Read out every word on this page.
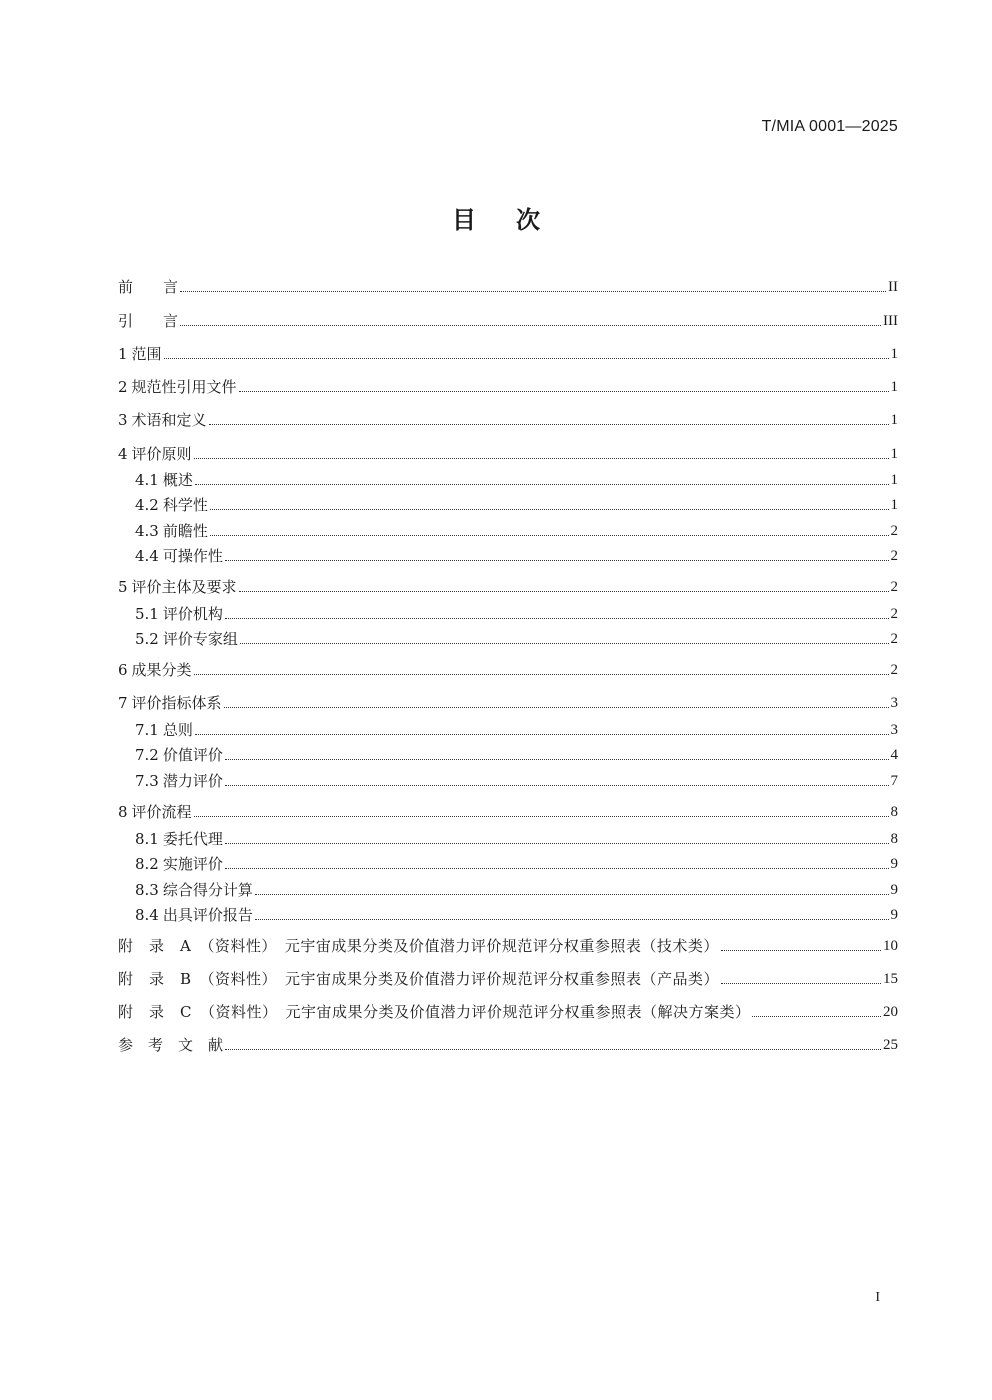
T/MIA 0001—2025
目次
前　　言	II
引　　言	III
1 范围	1
2 规范性引用文件	1
3 术语和定义	1
4 评价原则	1
4.1 概述	1
4.2 科学性	1
4.3 前瞻性	2
4.4 可操作性	2
5 评价主体及要求	2
5.1 评价机构	2
5.2 评价专家组	2
6 成果分类	2
7 评价指标体系	3
7.1 总则	3
7.2 价值评价	4
7.3 潜力评价	7
8 评价流程	8
8.1 委托代理	8
8.2 实施评价	9
8.3 综合得分计算	9
8.4 出具评价报告	9
附　录　A　（资料性）　元宇宙成果分类及价值潜力评价规范评分权重参照表（技术类）	10
附　录　B　（资料性）　元宇宙成果分类及价值潜力评价规范评分权重参照表（产品类）	15
附　录　C　（资料性）　元宇宙成果分类及价值潜力评价规范评分权重参照表（解决方案类）	20
参　考　文　献	25
I
